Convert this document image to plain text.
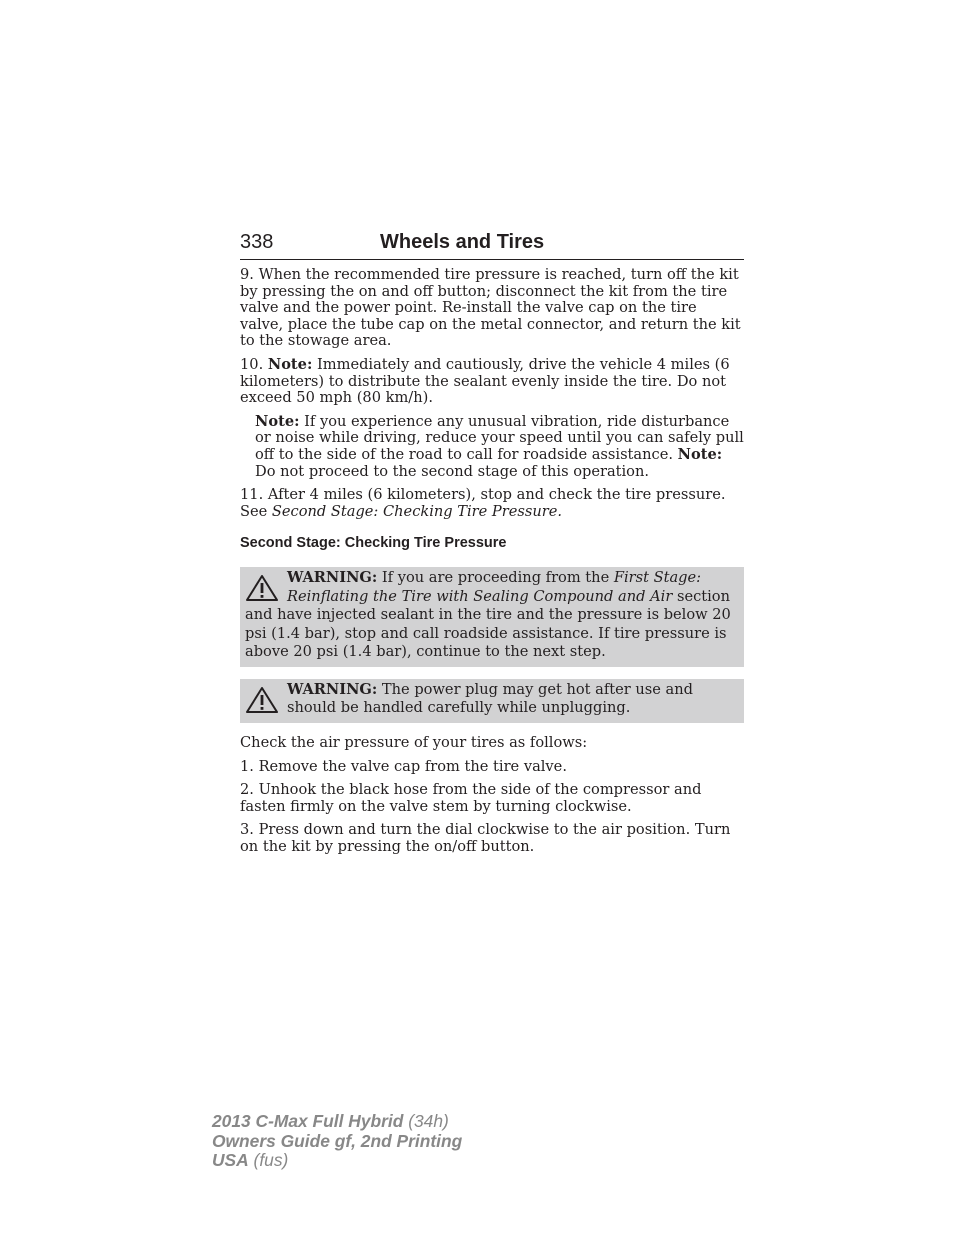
338	Wheels and Tires

9. When the recommended tire pressure is reached, turn off the kit by pressing the on and off button; disconnect the kit from the tire valve and the power point. Re-install the valve cap on the tire valve, place the tube cap on the metal connector, and return the kit to the stowage area.

10. Note: Immediately and cautiously, drive the vehicle 4 miles (6 kilometers) to distribute the sealant evenly inside the tire. Do not exceed 50 mph (80 km/h).

Note: If you experience any unusual vibration, ride disturbance or noise while driving, reduce your speed until you can safely pull off to the side of the road to call for roadside assistance. Note: Do not proceed to the second stage of this operation.

11. After 4 miles (6 kilometers), stop and check the tire pressure. See Second Stage: Checking Tire Pressure.

Second Stage: Checking Tire Pressure
WARNING: If you are proceeding from the First Stage: Reinflating the Tire with Sealing Compound and Air section and have injected sealant in the tire and the pressure is below 20 psi (1.4 bar), stop and call roadside assistance. If tire pressure is above 20 psi (1.4 bar), continue to the next step.
WARNING: The power plug may get hot after use and should be handled carefully while unplugging.

Check the air pressure of your tires as follows:

1. Remove the valve cap from the tire valve.

2. Unhook the black hose from the side of the compressor and fasten firmly on the valve stem by turning clockwise.

3. Press down and turn the dial clockwise to the air position. Turn on the kit by pressing the on/off button.

2013 C-Max Full Hybrid (34h)
Owners Guide gf, 2nd Printing
USA (fus)
